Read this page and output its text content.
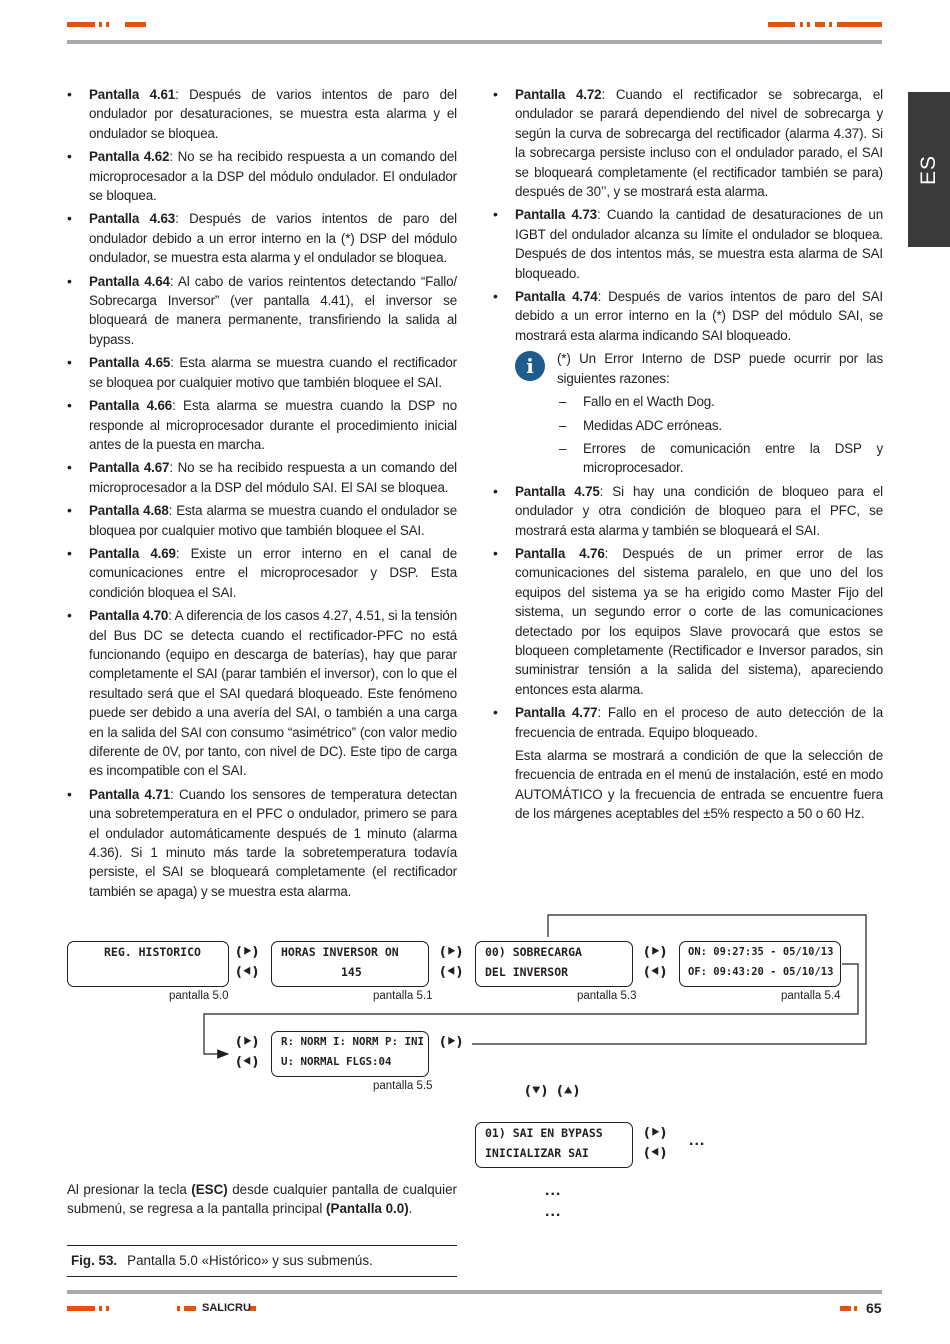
ES
• Pantalla 4.61: Después de varios intentos de paro del ondulador por desaturaciones, se muestra esta alarma y el ondulador se bloquea.
• Pantalla 4.62: No se ha recibido respuesta a un comando del microprocesador a la DSP del módulo ondulador. El ondulador se bloquea.
• Pantalla 4.63: Después de varios intentos de paro del ondulador debido a un error interno en la (*) DSP del módulo ondulador, se muestra esta alarma y el ondulador se bloquea.
• Pantalla 4.64: Al cabo de varios reintentos detectando “Fallo/ Sobrecarga Inversor” (ver pantalla 4.41), el inversor se bloqueará de manera permanente, transfiriendo la salida al bypass.
• Pantalla 4.65: Esta alarma se muestra cuando el rectificador se bloquea por cualquier motivo que también bloquee el SAI.
• Pantalla 4.66: Esta alarma se muestra cuando la DSP no responde al microprocesador durante el procedimiento inicial antes de la puesta en marcha.
• Pantalla 4.67: No se ha recibido respuesta a un comando del microprocesador a la DSP del módulo SAI. El SAI se bloquea.
• Pantalla 4.68: Esta alarma se muestra cuando el ondulador se bloquea por cualquier motivo que también bloquee el SAI.
• Pantalla 4.69: Existe un error interno en el canal de comunicaciones entre el microprocesador y DSP. Esta condición bloquea el SAI.
• Pantalla 4.70: A diferencia de los casos 4.27, 4.51, si la tensión del Bus DC se detecta cuando el rectificador-PFC no está funcionando (equipo en descarga de baterías), hay que parar completamente el SAI (parar también el inversor), con lo que el resultado será que el SAI quedará bloqueado. Este fenómeno puede ser debido a una avería del SAI, o también a una carga en la salida del SAI con consumo “asimétrico” (con valor medio diferente de 0V, por tanto, con nivel de DC). Este tipo de carga es incompatible con el SAI.
• Pantalla 4.71: Cuando los sensores de temperatura detectan una sobretemperatura en el PFC o ondulador, primero se para el ondulador automáticamente después de 1 minuto (alarma 4.36). Si 1 minuto más tarde la sobretemperatura todavía persiste, el SAI se bloqueará completamente (el rectificador también se apaga) y se muestra esta alarma.
• Pantalla 4.72: Cuando el rectificador se sobrecarga, el ondulador se parará dependiendo del nivel de sobrecarga y según la curva de sobrecarga del rectificador (alarma 4.37). Si la sobrecarga persiste incluso con el ondulador parado, el SAI se bloqueará completamente (el rectificador también se para) después de 30’’, y se mostrará esta alarma.
• Pantalla 4.73: Cuando la cantidad de desaturaciones de un IGBT del ondulador alcanza su límite el ondulador se bloquea. Después de dos intentos más, se muestra esta alarma de SAI bloqueado.
• Pantalla 4.74: Después de varios intentos de paro del SAI debido a un error interno en la (*) DSP del módulo SAI, se mostrará esta alarma indicando SAI bloqueado.
i	(*) Un Error Interno de DSP puede ocurrir por las siguientes razones:
– Fallo en el Wacth Dog.
– Medidas ADC erróneas.
– Errores de comunicación entre la DSP y microprocesador.
• Pantalla 4.75: Si hay una condición de bloqueo para el ondulador y otra condición de bloqueo para el PFC, se mostrará esta alarma y también se bloqueará el SAI.
• Pantalla 4.76: Después de un primer error de las comunicaciones del sistema paralelo, en que uno del los equipos del sistema ya se ha erigido como Master Fijo del sistema, un segundo error o corte de las comunicaciones detectado por los equipos Slave provocará que estos se bloqueen completamente (Rectificador e Inversor parados, sin suministrar tensión a la salida del sistema), apareciendo entonces esta alarma.
• Pantalla 4.77: Fallo en el proceso de auto detección de la frecuencia de entrada. Equipo bloqueado.
Esta alarma se mostrará a condición de que la selección de frecuencia de entrada en el menú de instalación, esté en modo AUTOMÁTICO y la frecuencia de entrada se encuentre fuera de los márgenes aceptables del ±5% respecto a 50 o 60 Hz.
REG. HISTORICO
pantalla 5.0
HORAS INVERSOR ON
145
pantalla 5.1
00) SOBRECARGA
DEL INVERSOR
pantalla 5.3
ON: 09:27:35 - 05/10/13
OF: 09:43:20 - 05/10/13
pantalla 5.4
R: NORM I: NORM P: INI
U: NORMAL FLGS:04
pantalla 5.5
01) SAI EN BYPASS
INICIALIZAR SAI
(⯈)
(⯇)
(⯈)
(⯇)
(⯈)
(⯇)
(⯈)
(⯇)
(⯈)
(⯆) (⯅)
(⯈)
(⯇)
...
...
...
Al presionar la tecla (ESC) desde cualquier pantalla de cualquier submenú, se regresa a la pantalla principal (Pantalla 0.0).
Fig. 53. Pantalla 5.0 «Histórico» y sus submenús.
SALICRU	65
